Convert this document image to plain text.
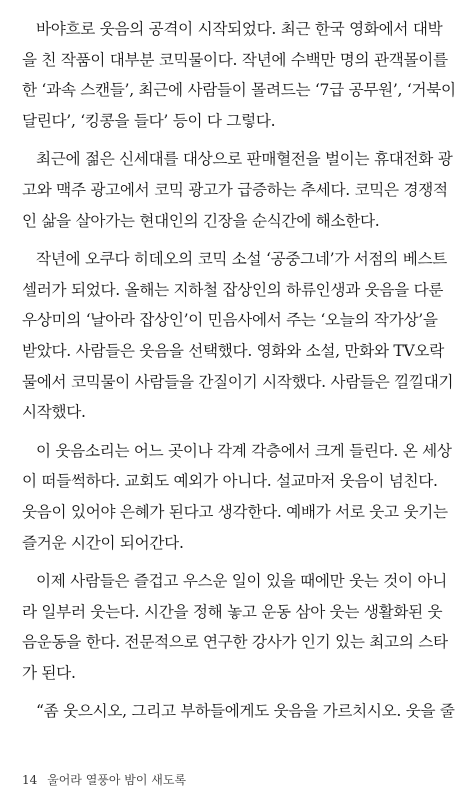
바야흐로 웃음의 공격이 시작되었다. 최근 한국 영화에서 대박
을 친 작품이 대부분 코믹물이다. 작년에 수백만 명의 관객몰이를
한 ‘과속 스캔들’, 최근에 사람들이 몰려드는 ‘7급 공무원’, ‘거북이
달린다’, ‘킹콩을 들다’ 등이 다 그렇다.
최근에 젊은 신세대를 대상으로 판매혈전을 벌이는 휴대전화 광
고와 맥주 광고에서 코믹 광고가 급증하는 추세다. 코믹은 경쟁적
인 삶을 살아가는 현대인의 긴장을 순식간에 해소한다.
작년에 오쿠다 히데오의 코믹 소설 ‘공중그네’가 서점의 베스트
셀러가 되었다. 올해는 지하철 잡상인의 하류인생과 웃음을 다룬
우상미의 ‘날아라 잡상인’이 민음사에서 주는 ‘오늘의 작가상’을
받았다. 사람들은 웃음을 선택했다. 영화와 소설, 만화와 TV오락
물에서 코믹물이 사람들을 간질이기 시작했다. 사람들은 낄낄대기
시작했다.
이 웃음소리는 어느 곳이나 각계 각층에서 크게 들린다. 온 세상
이 떠들썩하다. 교회도 예외가 아니다. 설교마저 웃음이 넘친다.
웃음이 있어야 은혜가 된다고 생각한다. 예배가 서로 웃고 웃기는
즐거운 시간이 되어간다.
이제 사람들은 즐겁고 우스운 일이 있을 때에만 웃는 것이 아니
라 일부러 웃는다. 시간을 정해 놓고 운동 삼아 웃는 생활화된 웃
음운동을 한다. 전문적으로 연구한 강사가 인기 있는 최고의 스타
가 된다.
“좀 웃으시오, 그리고 부하들에게도 웃음을 가르치시오. 웃을 줄
14 울어라 열풍아 밤이 새도록
